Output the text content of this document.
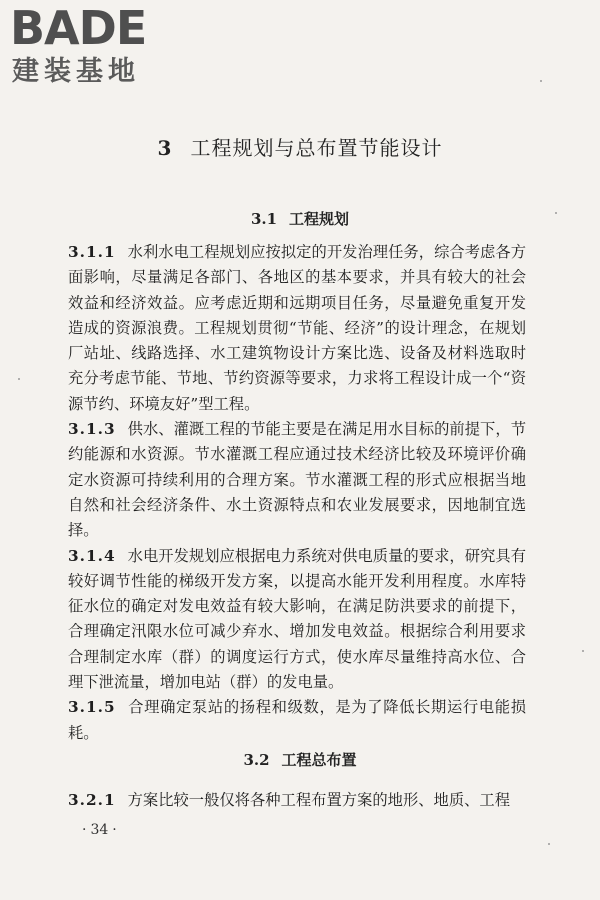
BADE
建装基地
3 工程规划与总布置节能设计
3.1 工程规划

3.1.1 水利水电工程规划应按拟定的开发治理任务，综合考虑各方面影响，尽量满足各部门、各地区的基本要求，并具有较大的社会效益和经济效益。应考虑近期和远期项目任务，尽量避免重复开发造成的资源浪费。工程规划贯彻“节能、经济”的设计理念，在规划厂站址、线路选择、水工建筑物设计方案比选、设备及材料选取时充分考虑节能、节地、节约资源等要求，力求将工程设计成一个“资源节约、环境友好”型工程。

3.1.3 供水、灌溉工程的节能主要是在满足用水目标的前提下，节约能源和水资源。节水灌溉工程应通过技术经济比较及环境评价确定水资源可持续利用的合理方案。节水灌溉工程的形式应根据当地自然和社会经济条件、水土资源特点和农业发展要求，因地制宜选择。

3.1.4 水电开发规划应根据电力系统对供电质量的要求，研究具有较好调节性能的梯级开发方案，以提高水能开发利用程度。水库特征水位的确定对发电效益有较大影响，在满足防洪要求的前提下，合理确定汛限水位可减少弃水、增加发电效益。根据综合利用要求合理制定水库（群）的调度运行方式，使水库尽量维持高水位、合理下泄流量，增加电站（群）的发电量。

3.1.5 合理确定泵站的扬程和级数，是为了降低长期运行电能损耗。

3.2 工程总布置

3.2.1 方案比较一般仅将各种工程布置方案的地形、地质、工程

· 34 ·
